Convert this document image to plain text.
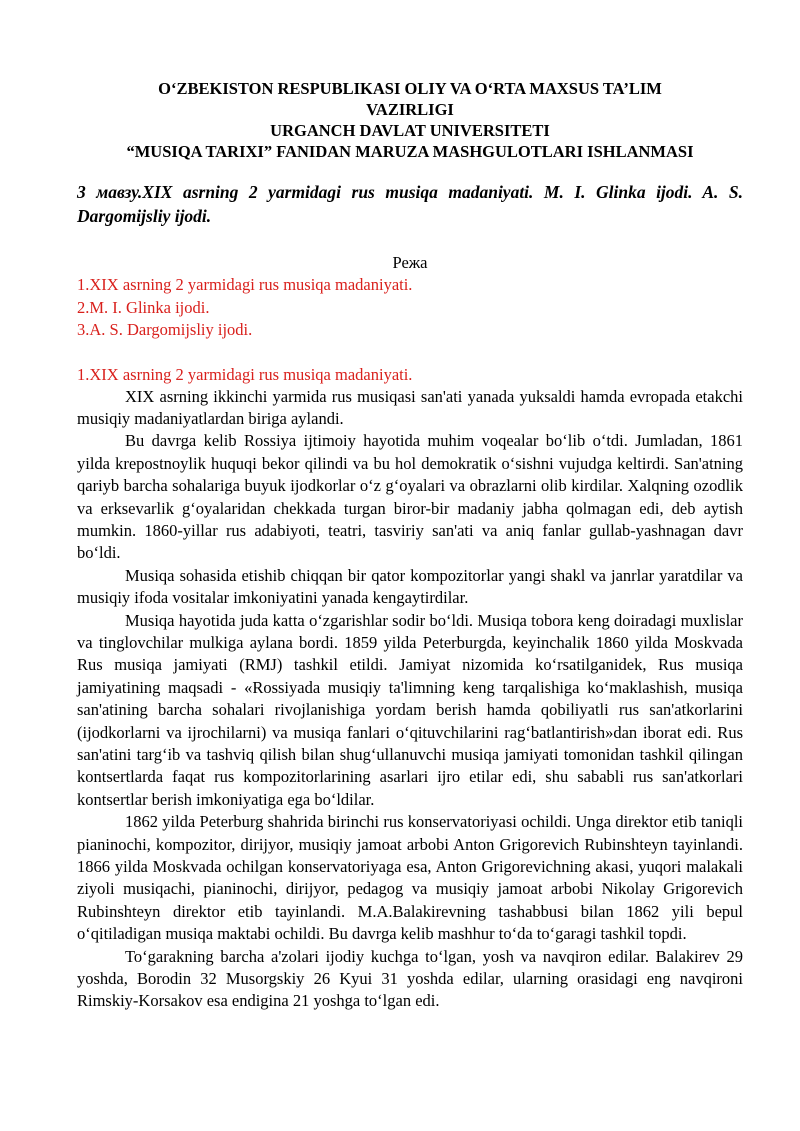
O‘ZBEKISTON RESPUBLIKASI OLIY VA O‘RTA MAXSUS TA’LIM
VAZIRLIGI
URGANCH DAVLAT UNIVERSITETI
“MUSIQA TARIXI” FANIDAN MARUZA MASHGULOTLARI ISHLANMASI
3 мавзу.XIX asrning 2 yarmidagi rus musiqa madaniyati. M. I. Glinka ijodi. A. S. Dargomijsliy ijodi.
Режа
1.XIX asrning 2 yarmidagi rus musiqa madaniyati.
2.M. I. Glinka ijodi.
3.A. S. Dargomijsliy ijodi.
1.XIX asrning 2 yarmidagi rus musiqa madaniyati.

XIX asrning ikkinchi yarmida rus musiqasi san'ati yanada yuksaldi hamda evropada etakchi musiqiy madaniyatlardan biriga aylandi.

Bu davrga kelib Rossiya ijtimoiy hayotida muhim voqealar bo‘lib o‘tdi. Jumladan, 1861 yilda krepostnoylik huquqi bekor qilindi va bu hol demokratik o‘sishni vujudga keltirdi. San'atning qariyb barcha sohalariga buyuk ijodkorlar o‘z g‘oyalari va obrazlarni olib kirdilar. Xalqning ozodlik va erksevarlik g‘oyalaridan chekkada turgan biror-bir madaniy jabha qolmagan edi, deb aytish mumkin. 1860-yillar rus adabiyoti, teatri, tasviriy san'ati va aniq fanlar gullab-yashnagan davr bo‘ldi.

Musiqa sohasida etishib chiqqan bir qator kompozitorlar yangi shakl va janrlar yaratdilar va musiqiy ifoda vositalar imkoniyatini yanada kengaytirdilar.

Musiqa hayotida juda katta o‘zgarishlar sodir bo‘ldi. Musiqa tobora keng doiradagi muxlislar va tinglovchilar mulkiga aylana bordi. 1859 yilda Peterburgda, keyinchalik 1860 yilda Moskvada Rus musiqa jamiyati (RMJ) tashkil etildi. Jamiyat nizomida ko‘rsatilganidek, Rus musiqa jamiyatining maqsadi - «Rossiyada musiqiy ta'limning keng tarqalishiga ko‘maklashish, musiqa san'atining barcha sohalari rivojlanishiga yordam berish hamda qobiliyatli rus san'atkorlarini (ijodkorlarni va ijrochilarni) va musiqa fanlari o‘qituvchilarini rag‘batlantirish»dan iborat edi. Rus san'atini targ‘ib va tashviq qilish bilan shug‘ullanuvchi musiqa jamiyati tomonidan tashkil qilingan kontsertlarda faqat rus kompozitorlarining asarlari ijro etilar edi, shu sababli rus san'atkorlari kontsertlar berish imkoniyatiga ega bo‘ldilar.

1862 yilda Peterburg shahrida birinchi rus konservatoriyasi ochildi. Unga direktor etib taniqli pianinochi, kompozitor, dirijyor, musiqiy jamoat arbobi Anton Grigorevich Rubinshteyn tayinlandi. 1866 yilda Moskvada ochilgan konservatoriyaga esa, Anton Grigorevichning akasi, yuqori malakali ziyoli musiqachi, pianinochi, dirijyor, pedagog va musiqiy jamoat arbobi Nikolay Grigorevich Rubinshteyn direktor etib tayinlandi. M.A.Balakirevning tashabbusi bilan 1862 yili bepul o‘qitiladigan musiqa maktabi ochildi. Bu davrga kelib mashhur to‘da to‘garagi tashkil topdi.

To‘garakning barcha a'zolari ijodiy kuchga to‘lgan, yosh va navqiron edilar. Balakirev 29 yoshda, Borodin 32 Musorgskiy 26 Kyui 31 yoshda edilar, ularning orasidagi eng navqironi Rimskiy-Korsakov esa endigina 21 yoshga to‘lgan edi.
